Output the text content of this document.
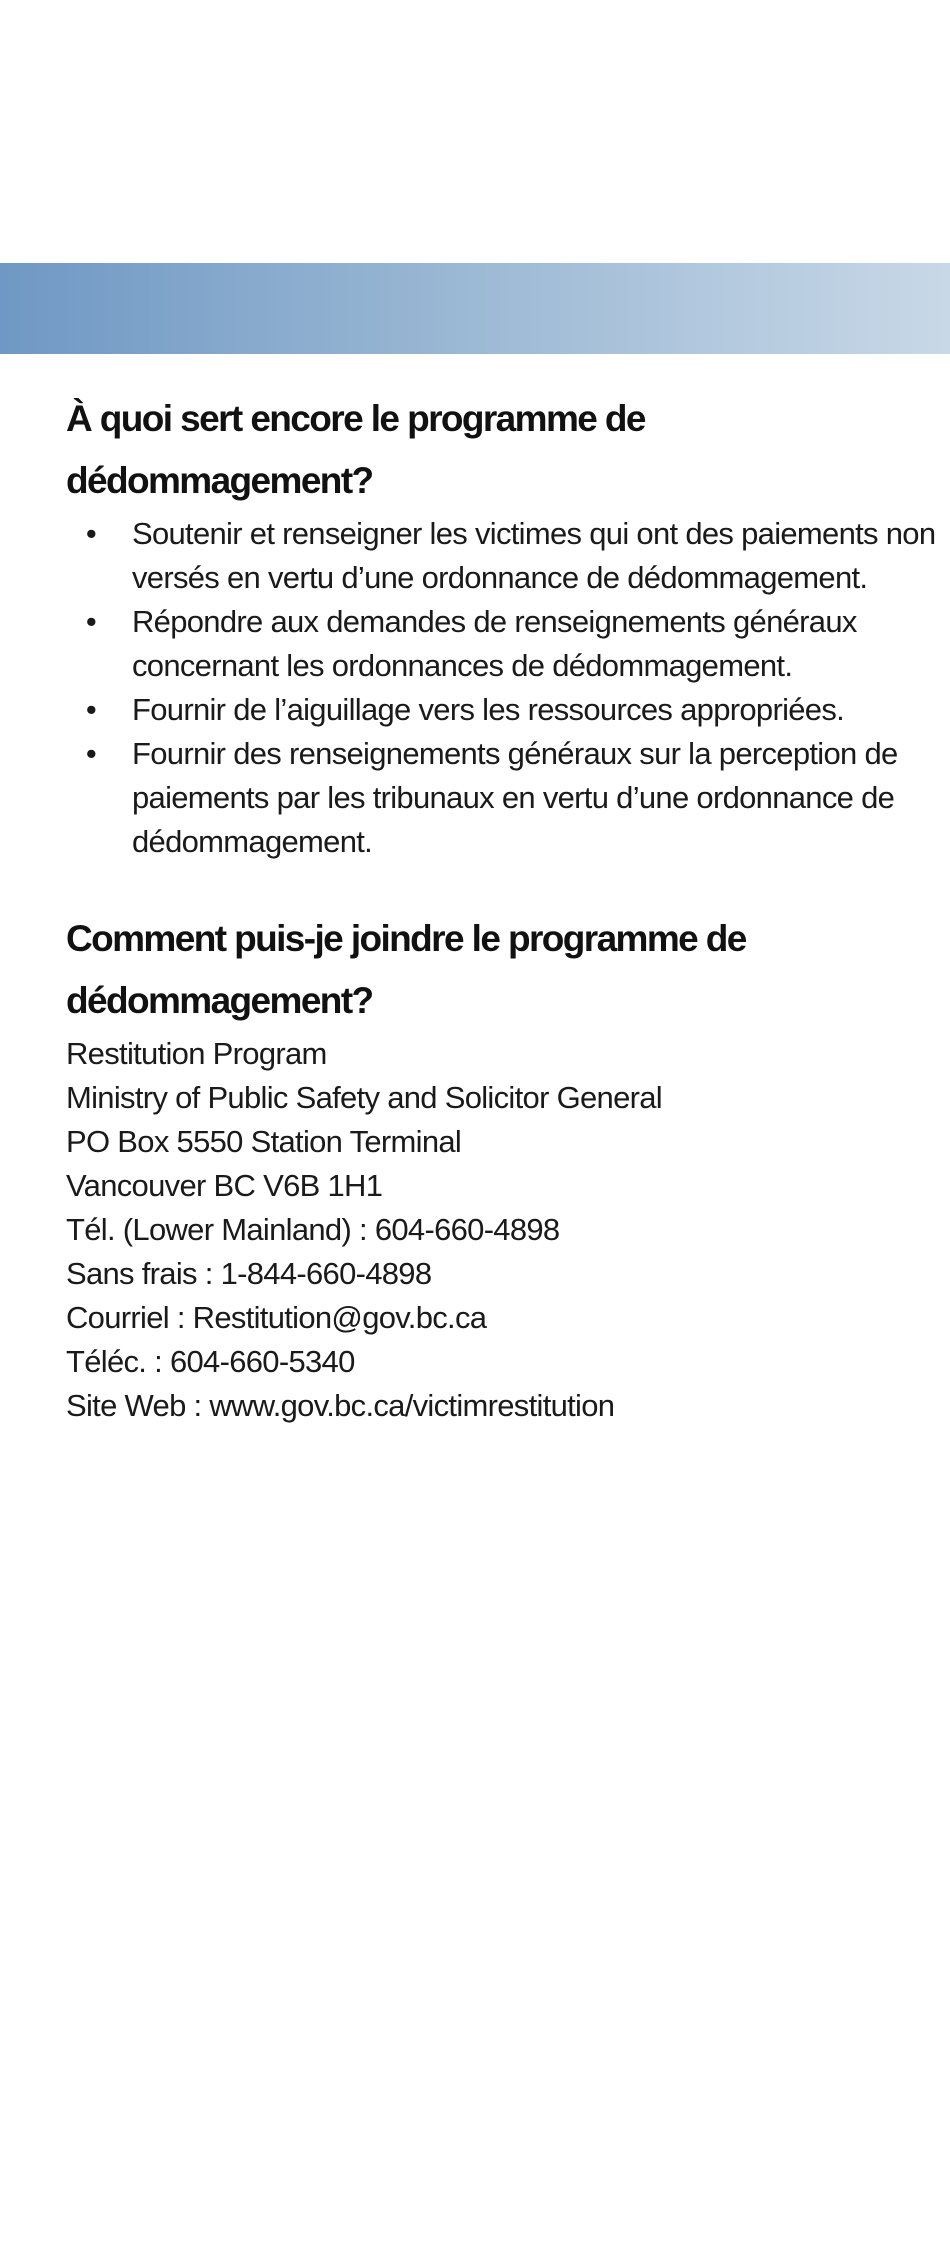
À quoi sert encore le programme de
dédommagement?
• Soutenir et renseigner les victimes qui ont des paiements non versés en vertu d’une ordonnance de dédommagement.
• Répondre aux demandes de renseignements généraux concernant les ordonnances de dédommagement.
• Fournir de l’aiguillage vers les ressources appropriées.
• Fournir des renseignements généraux sur la perception de paiements par les tribunaux en vertu d’une ordonnance de dédommagement.
Comment puis-je joindre le programme de
dédommagement?
Restitution Program
Ministry of Public Safety and Solicitor General
PO Box 5550 Station Terminal
Vancouver BC V6B 1H1
Tél. (Lower Mainland) : 604-660-4898
Sans frais : 1-844-660-4898
Courriel : Restitution@gov.bc.ca
Téléc. : 604-660-5340
Site Web : www.gov.bc.ca/victimrestitution
